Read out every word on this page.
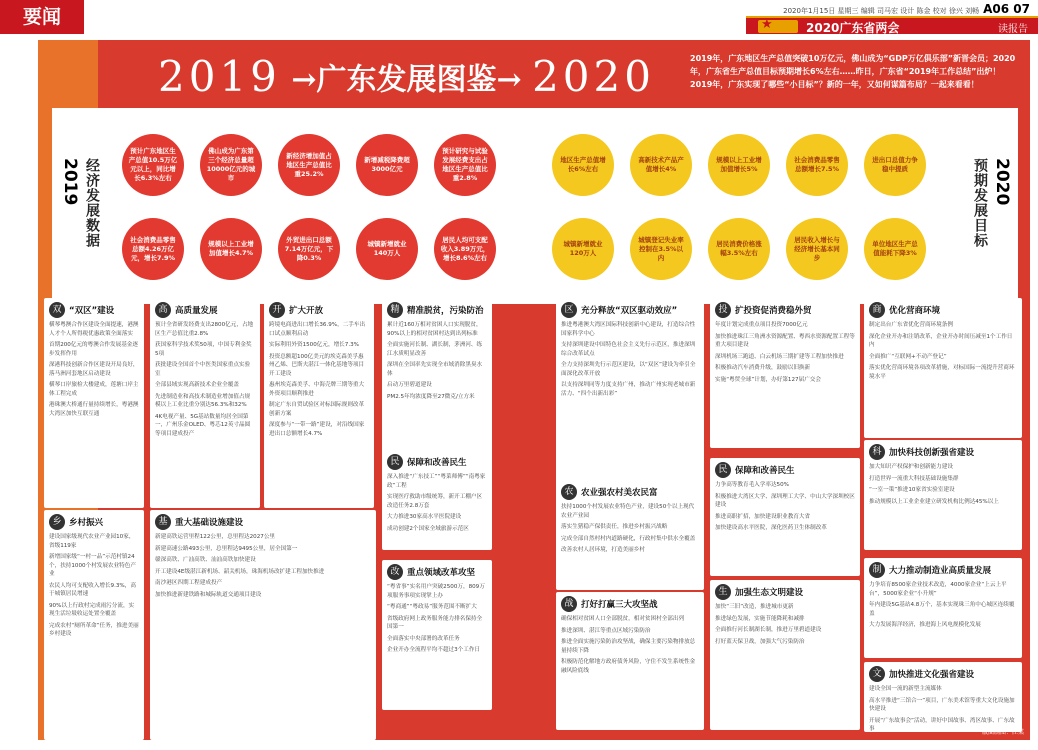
要闻	2020年1月15日 星期三 编辑 司马宏 设计 陈金 校对 徐兴 刘畅 A06 07
★	2020广东省两会	读报告
2019 →广东发展图鉴→ 2020	2019年，广东地区生产总值突破10万亿元，佛山成为“GDP万亿俱乐部”新晋会员；2020年，广东省生产总值目标预期增长6%左右……昨日，广东省“2019年工作总结”出炉！2019年，广东实现了哪些“小目标”？新的一年，又如何谋篇布局？一起来看看！
2019 经济发展数据
预计广东地区生产总值10.5万亿元以上，同比增长6.3%左右
佛山成为广东第三个经济总量超10000亿元的城市
新经济增加值占地区生产总值比重25.2%
新增减税降费超3000亿元
预计研究与试验发展经费支出占地区生产总值比重2.8%
社会消费品零售总额4.26万亿元，增长7.9%
规模以上工业增加值增长4.7%
外贸进出口总额7.14万亿元，下降0.3%
城镇新增就业140万人
居民人均可支配收入3.89万元，增长8.6%左右
2020
预期发展目标
地区生产总值增长6%左右
高新技术产品产值增长4%
规模以上工业增加值增长5%
社会消费品零售总额增长7.5%
进出口总值力争稳中提质
城镇新增就业120万人
城镇登记失业率控制在3.5%以内
居民消费价格涨幅3.5%左右
居民收入增长与经济增长基本同步
单位地区生产总值能耗下降3%
双 “双区”建设

横琴粤澳合作区建设全面提速，港澳人才个人所得税优惠政策全面落实

首期200亿元的粤澳合作发展基金逐步发挥作用

深港科技创新合作区建设开局良好，落马洲河套地区启动建设

横琴口岸旅检大楼建成，莲塘口岸主体工程完成

港珠澳大桥通行量持续增长，粤港澳大湾区加快互联互通

高 高质量发展

预计全省研发经费支出2800亿元，占地区生产总值比重2.8%

获国家科学技术奖50项，中国专利金奖5项

获批建设全国首个中医类国家重点实验室

全部县域实现高新技术企业全覆盖

先进制造业和高技术制造业增加值占规模以上工业比重分别达56.3%和32%

4K电视产量、5G基站数量均居全国第一，广州乐金OLED、粤芯12英寸晶圆等项目建成投产

开 扩大开放

跨境电商进出口增长36.9%，二手车出口试点顺利启动

实际利用外资1500亿元，增长7.3%

投资总额超100亿美元的埃克森美孚惠州乙烯、巴斯夫湛江一体化基地等项目开工建设

惠州埃克森美孚、中海壳牌三期等重大外资项目顺利推进

制定广东自贸试验区对标国际规则改革创新方案

深度参与“一带一路”建设，对沿线国家进出口总额增长4.7%

精 精准脱贫，污染防治

累计近160万相对贫困人口实现脱贫，90%以上的相对贫困村达到出列标准

全面实施河长制、湖长制，茅洲河、练江水质明显改善

深圳在全国率先实现全市域消除黑臭水体

启动万里碧道建设

PM2.5年均浓度降至27微克/立方米

民 保障和改善民生

深入推进“广东技工”“粤菜师傅”“南粤家政”工程

实现医疗救助市级统筹，新开工棚户区改造任务2.8万套

大力推进30家高水平医院建设

成功创建2个国家全域旅游示范区

改 重点领域改革攻坚

“粤省事”实名用户突破2500万，809万项服务事项实现掌上办

“粤商通”“粤政易”服务范围不断扩大

省级政府网上政务服务能力排名保持全国第一

全面落实中央部署的改革任务

企业开办全流程平均不超过3个工作日

区 充分释放“双区驱动效应”

推进粤港澳大湾区国际科技创新中心建设，打造综合性国家科学中心

支持深圳建设中国特色社会主义先行示范区，推进深圳综合改革试点

全力支持深圳先行示范区建设，以“双区”建设为牵引全面深化改革开放

以支持深圳同等力度支持广州，推动广州实现老城市新活力、“四个出新出彩”

投 扩投资促消费稳外贸

年度计划完成重点项目投资7000亿元

加快推进珠江三角洲水资源配置、粤西水资源配置工程等重大项目建设

深圳机场三跑道、白云机场三期扩建等工程加快推进

积极推动汽车消费升级，鼓励以旧换新

实施“粤贸全球”计划，办好第127届广交会

商 优化营商环境

制定出台广东省优化营商环境条例

深化企业开办和注销改革，企业开办时间压减至1个工作日内

全面推广“互联网+不动产登记”

落实优化营商环境各项改革措施，对标国际一流提升营商环境水平

农 农业强农村美农民富

扶持1000个村发展农业特色产业，建设50个以上现代农业产业园

落实生猪稳产保供责任，推进乡村振兴战略

完成全部自然村村内道路硬化，行政村集中供水全覆盖

改善农村人居环境，打造美丽乡村

民 保障和改善民生

力争高等教育毛入学率达50%

积极推进大湾区大学、深圳理工大学、中山大学深圳校区建设

推进高职扩招，加快建设职业教育大省

加快建设高水平医院，深化医药卫生体制改革

科 加快科技创新强省建设

加大知识产权保护和创新能力建设

打造世界一流重大科技基础设施集群

“一室一策”推进10家省实验室建设

推动规模以上工业企业建立研发机构比例达45%以上

乡 乡村振兴

建设国家级现代农业产业园10家，省级119家

新增国家级“一村一品”示范村镇24个，扶持1000个村发展农业特色产业

农民人均可支配收入增长9.3%，高于城镇居民增速

90%以上行政村完成雨污分流，实现生活垃圾收运处置全覆盖

完成农村“厕所革命”任务，推进美丽乡村建设

基 重大基础设施建设

新建高铁运营里程122公里，总里程达2027公里

新建高速公路493公里，总里程达9495公里，居全国第一

赣深高铁、广汕高铁、汕汕高铁加快建设

开工建设4E级湛江新机场、韶关机场，珠海机场改扩建工程加快推进

南沙港区四期工程建成投产

加快推进新建铁路和城际轨道交通项目建设

战 打好打赢三大攻坚战

确保相对贫困人口全部脱贫，相对贫困村全部出列

推进深圳、湛江等重点区域污染防治

推进全面实施污染防治攻坚战，确保主要污染物排放总量持续下降

积极防范化解地方政府债务风险，守住不发生系统性金融风险底线

生 加强生态文明建设

加快“三旧”改造，推进城市更新

推进绿色发展，实施节能降耗和减排

全面推行河长制湖长制，推进万里碧道建设

打好蓝天保卫战，加强大气污染防治

制 大力推动制造业高质量发展

力争培育8500家企业技术改造，4000家企业“上云上平台”，5000家企业“小升规”

年内建设5G基站4.8万个，基本实现珠三角中心城区连续覆盖

大力发展海洋经济，推进海上风电规模化发展

文 加快推进文化强省建设

建设全国一流的新型主流媒体

高水平推进“三馆合一”项目，广东美术馆等重大文化设施加快建设

开展“广东故事会”活动，讲好中国故事、湾区故事、广东故事	版面制图：江某
